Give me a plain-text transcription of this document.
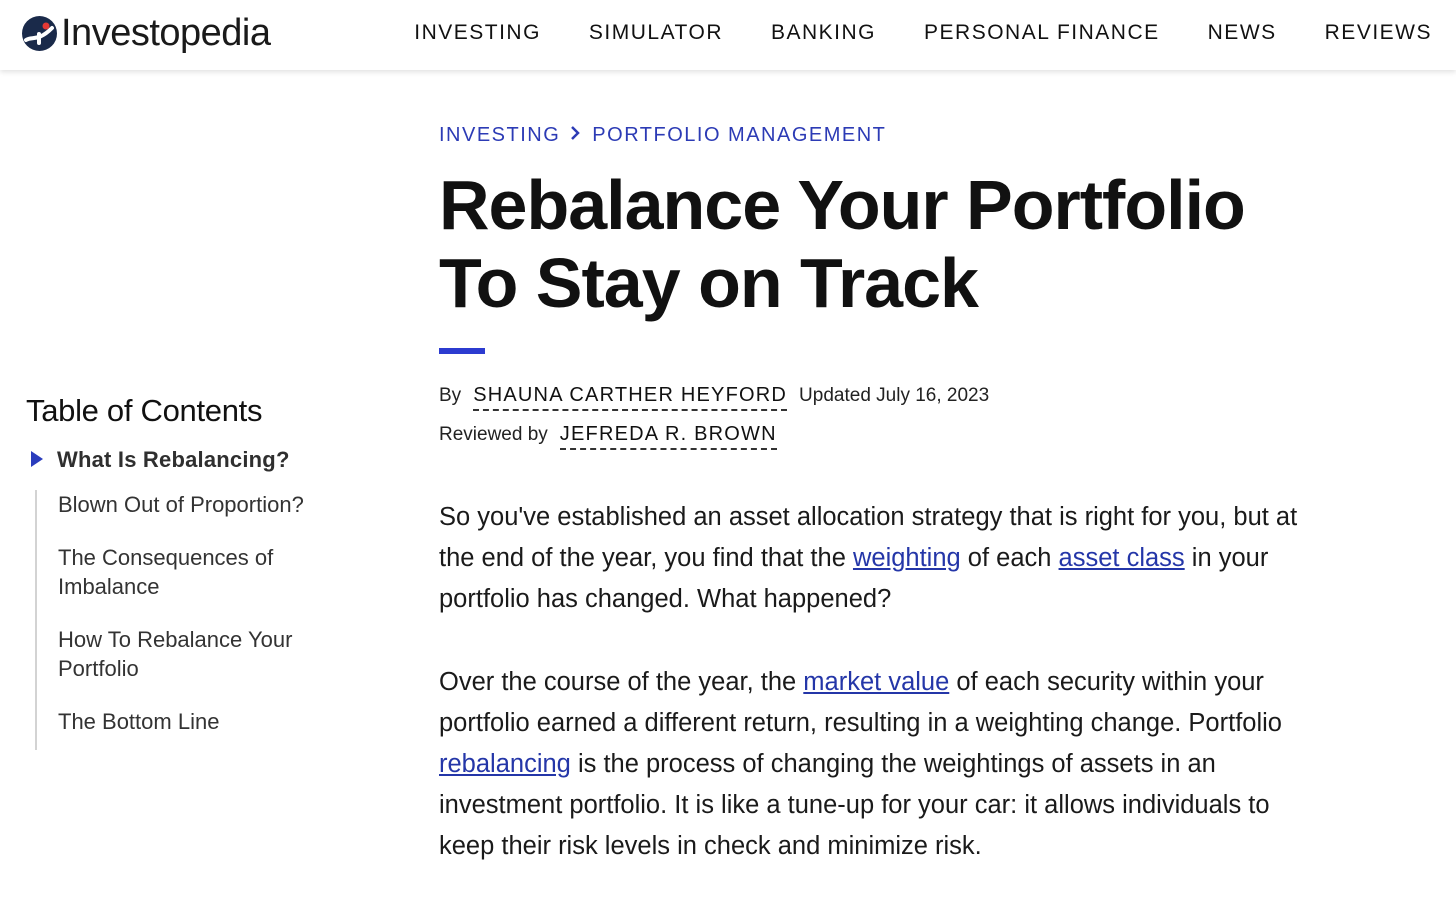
Investopedia	INVESTING SIMULATOR BANKING PERSONAL FINANCE NEWS REVIEWS
Table of Contents
What Is Rebalancing?
Blown Out of Proportion?
The Consequences of Imbalance
How To Rebalance Your Portfolio
The Bottom Line
INVESTING PORTFOLIO MANAGEMENT
Rebalance Your Portfolio To Stay on Track
By SHAUNA CARTHER HEYFORD Updated July 16, 2023
Reviewed by JEFREDA R. BROWN

So you've established an asset allocation strategy that is right for you, but at the end of the year, you find that the weighting of each asset class in your portfolio has changed. What happened?

Over the course of the year, the market value of each security within your portfolio earned a different return, resulting in a weighting change. Portfolio rebalancing is the process of changing the weightings of assets in an investment portfolio. It is like a tune-up for your car: it allows individuals to keep their risk levels in check and minimize risk.
